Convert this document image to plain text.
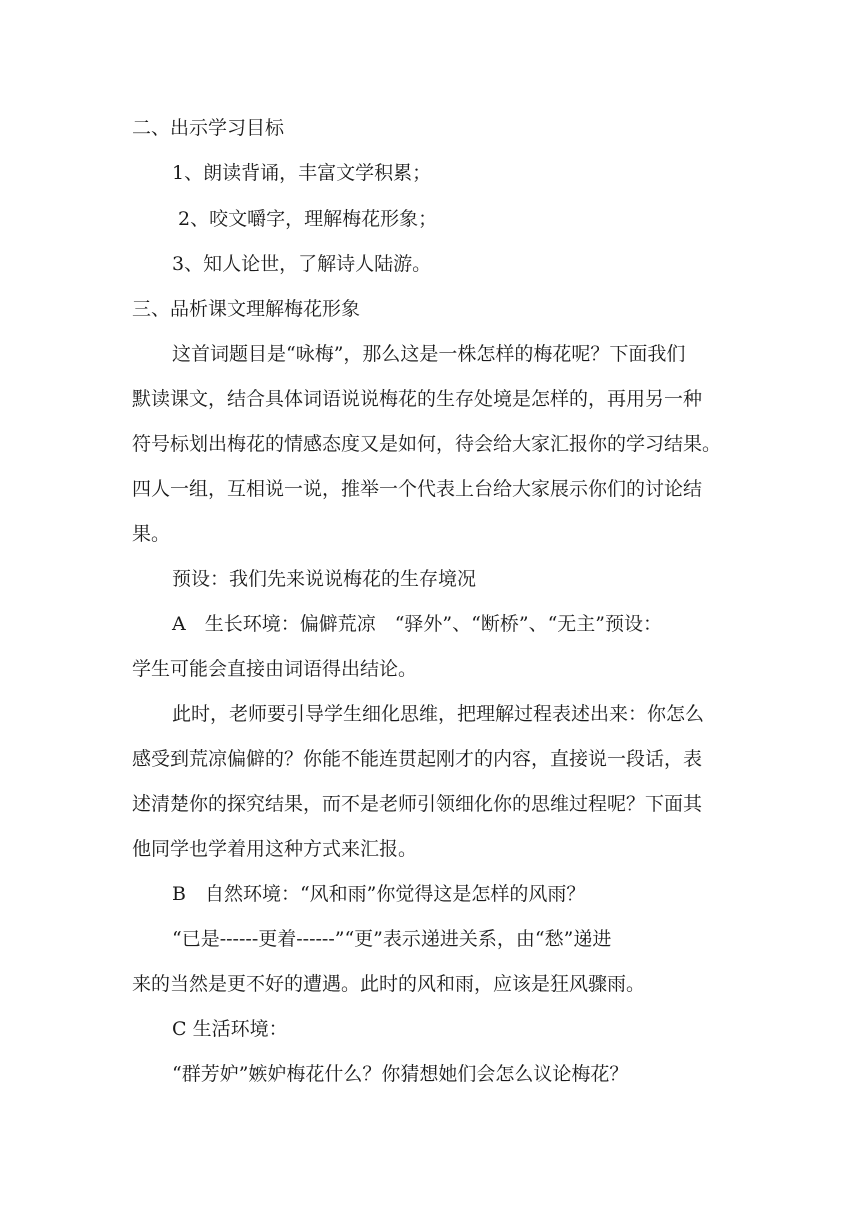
二、出示学习目标
1、朗读背诵，丰富文学积累；
2、咬文嚼字，理解梅花形象；
3、知人论世，了解诗人陆游。
三、品析课文理解梅花形象
这首词题目是“咏梅”，那么这是一株怎样的梅花呢？下面我们
默读课文，结合具体词语说说梅花的生存处境是怎样的，再用另一种
符号标划出梅花的情感态度又是如何，待会给大家汇报你的学习结果。
四人一组，互相说一说，推举一个代表上台给大家展示你们的讨论结
果。
预设：我们先来说说梅花的生存境况
A　生长环境：偏僻荒凉　“驿外”、“断桥”、“无主”预设：
学生可能会直接由词语得出结论。
此时，老师要引导学生细化思维，把理解过程表述出来：你怎么
感受到荒凉偏僻的？你能不能连贯起刚才的内容，直接说一段话，表
述清楚你的探究结果，而不是老师引领细化你的思维过程呢？下面其
他同学也学着用这种方式来汇报。
B　自然环境：“风和雨”你觉得这是怎样的风雨？
“已是------更着------”“更”表示递进关系，由“愁”递进
来的当然是更不好的遭遇。此时的风和雨，应该是狂风骤雨。
C 生活环境：
“群芳妒”嫉妒梅花什么？你猜想她们会怎么议论梅花？
